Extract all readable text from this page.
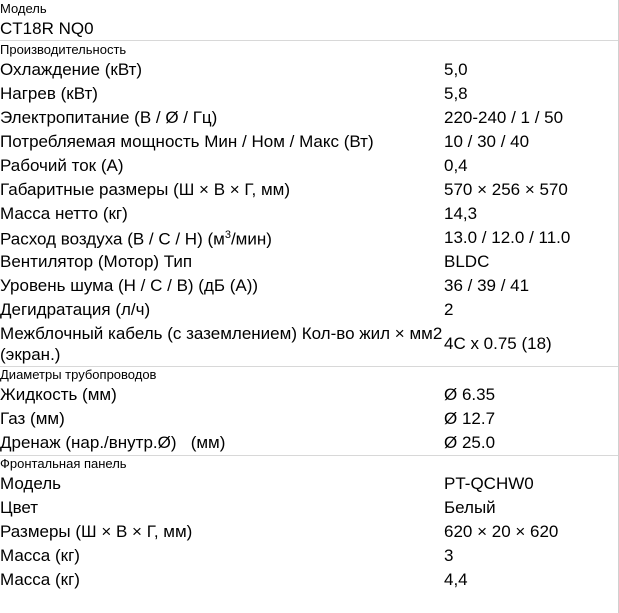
Модель	
CT18R NQ0	
Производительность	
Охлаждение (кВт)	5,0
Нагрев (кВт)	5,8
Электропитание (В / Ø / Гц)	220-240 / 1 / 50
Потребляемая мощность Мин / Ном / Макс (Вт)	10 / 30 / 40
Рабочий ток (A)	0,4
Габаритные размеры (Ш × В × Г, мм)	570 × 256 × 570
Масса нетто (кг)	14,3
Расход воздуха (В / С / Н) $(м^3/мин)$	13.0 / 12.0 / 11.0
Вентилятор (Мотор) Тип	BLDC
Уровень шума (Н / С / В) (дБ (А))	36 / 39 / 41
Дегидратация (л/ч)	2
Межблочный кабель (с заземлением) Кол-во жил × мм2 (экран.)	4C x 0.75 (18)
Диаметры трубопроводов	
Жидкость (мм)	Ø 6.35
Газ (мм)	Ø 12.7
Дренаж (нар./внутр.Ø)   (мм)	Ø 25.0
Фронтальная панель	
Модель	PT-QCHW0
Цвет	Белый
Размеры (Ш × В × Г, мм)	620 × 20 × 620
Масса (кг)	3
Масса (кг)	4,4
